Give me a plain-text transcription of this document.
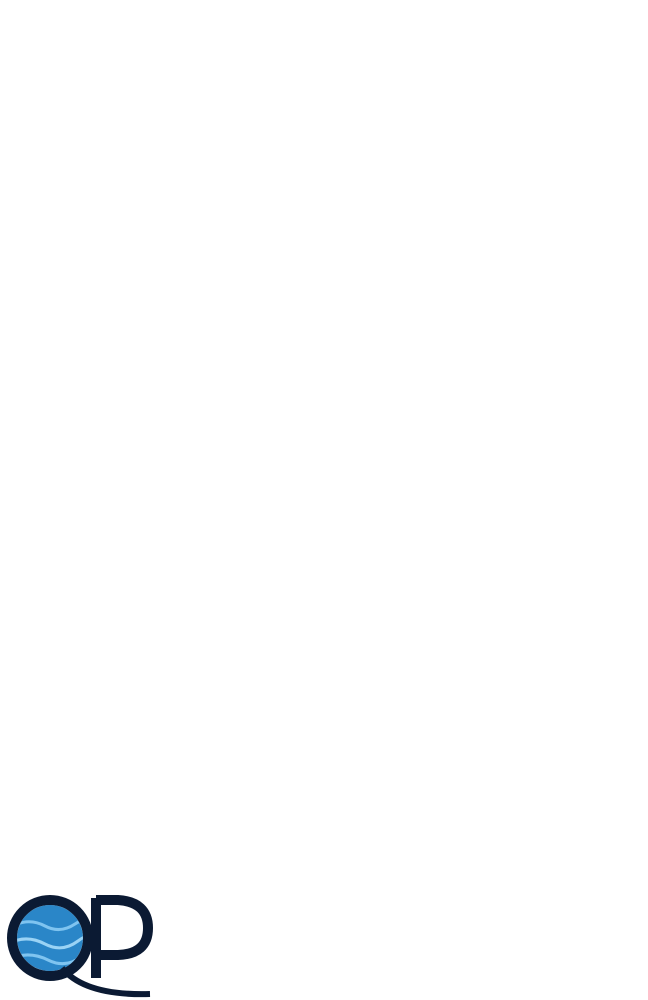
QP
